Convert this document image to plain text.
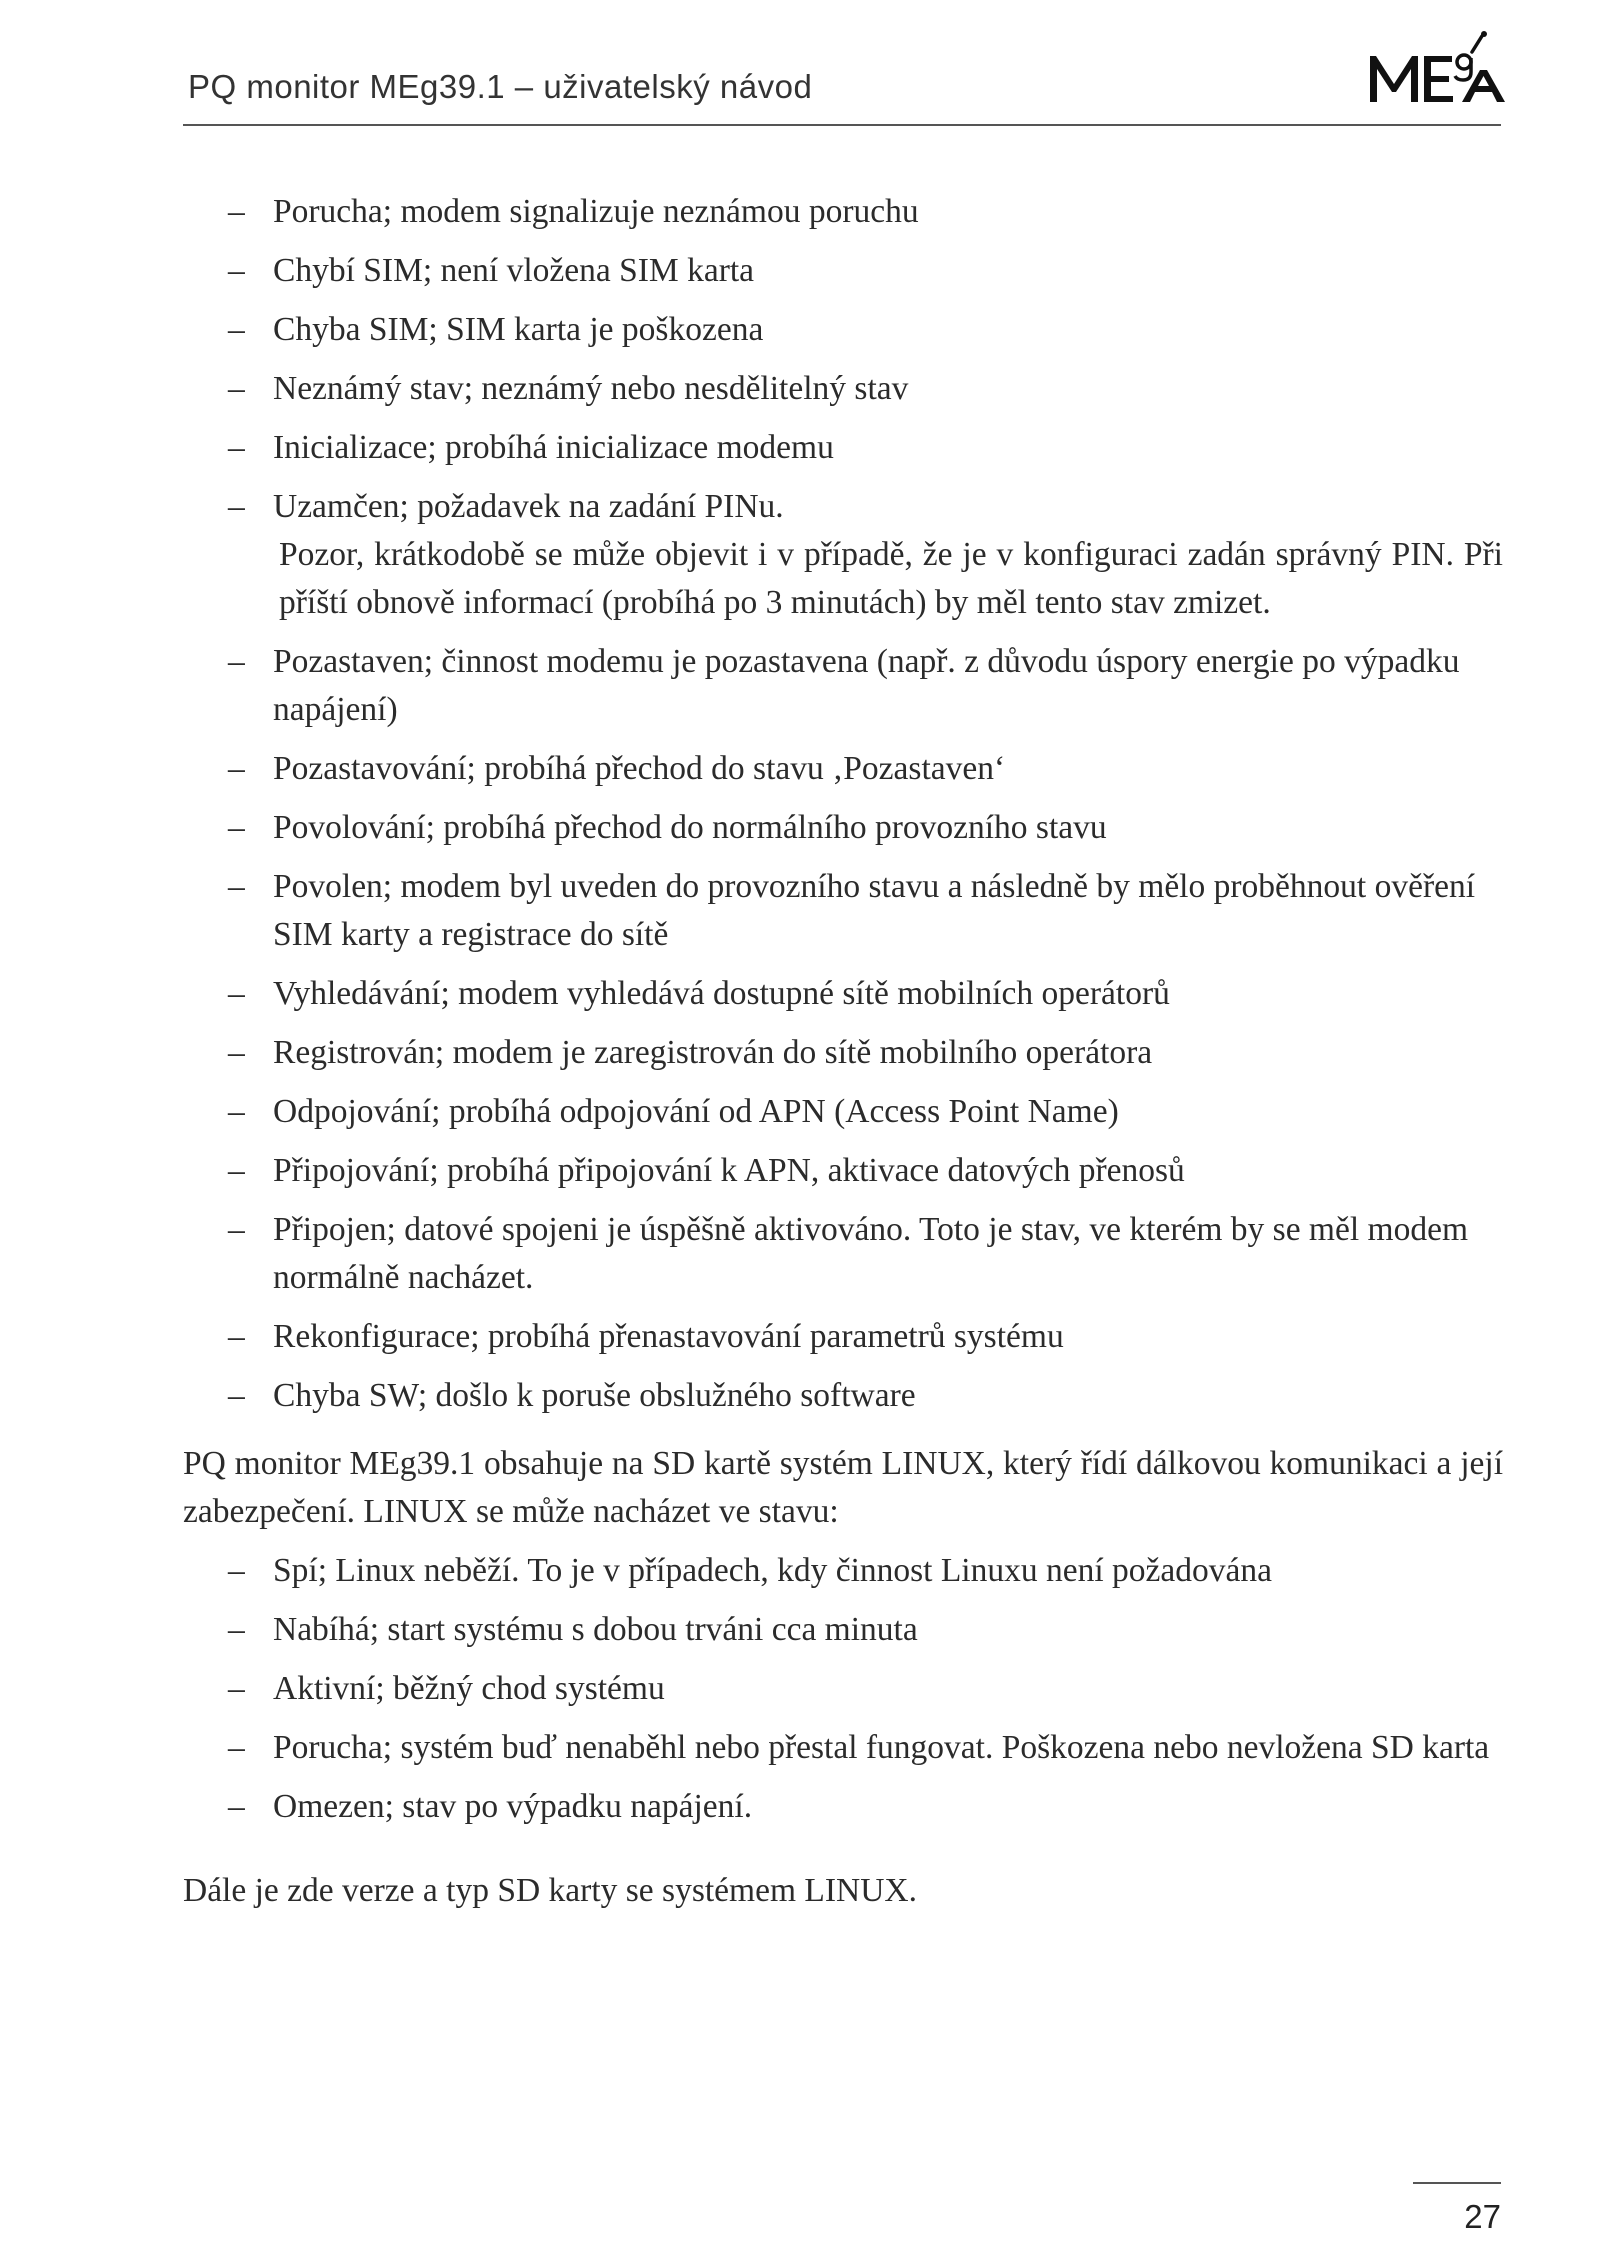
PQ monitor MEg39.1 – uživatelský návod
– Porucha; modem signalizuje neznámou poruchu
– Chybí SIM; není vložena SIM karta
– Chyba SIM; SIM karta je poškozena
– Neznámý stav; neznámý nebo nesdělitelný stav
– Inicializace; probíhá inicializace modemu
– Uzamčen; požadavek na zadání PINu.
Pozor, krátkodobě se může objevit i v případě, že je v konfiguraci zadán správný PIN. Při příští obnově informací (probíhá po 3 minutách) by měl tento stav zmizet.
– Pozastaven; činnost modemu je pozastavena (např. z důvodu úspory energie po výpadku napájení)
– Pozastavování; probíhá přechod do stavu ‚Pozastaven‘
– Povolování; probíhá přechod do normálního provozního stavu
– Povolen; modem byl uveden do provozního stavu a následně by mělo proběhnout ověření SIM karty a registrace do sítě
– Vyhledávání; modem vyhledává dostupné sítě mobilních operátorů
– Registrován; modem je zaregistrován do sítě mobilního operátora
– Odpojování; probíhá odpojování od APN (Access Point Name)
– Připojování; probíhá připojování k APN, aktivace datových přenosů
– Připojen; datové spojeni je úspěšně aktivováno. Toto je stav, ve kterém by se měl modem normálně nacházet.
– Rekonfigurace; probíhá přenastavování parametrů systému
– Chyba SW; došlo k poruše obslužného software

PQ monitor MEg39.1 obsahuje na SD kartě systém LINUX, který řídí dálkovou komunikaci a její zabezpečení. LINUX se může nacházet ve stavu:

– Spí; Linux neběží. To je v případech, kdy činnost Linuxu není požadována
– Nabíhá; start systému s dobou trváni cca minuta
– Aktivní; běžný chod systému
– Porucha; systém buď nenaběhl nebo přestal fungovat. Poškozena nebo nevložena SD karta
– Omezen; stav po výpadku napájení.

Dále je zde verze a typ SD karty se systémem LINUX.

27
